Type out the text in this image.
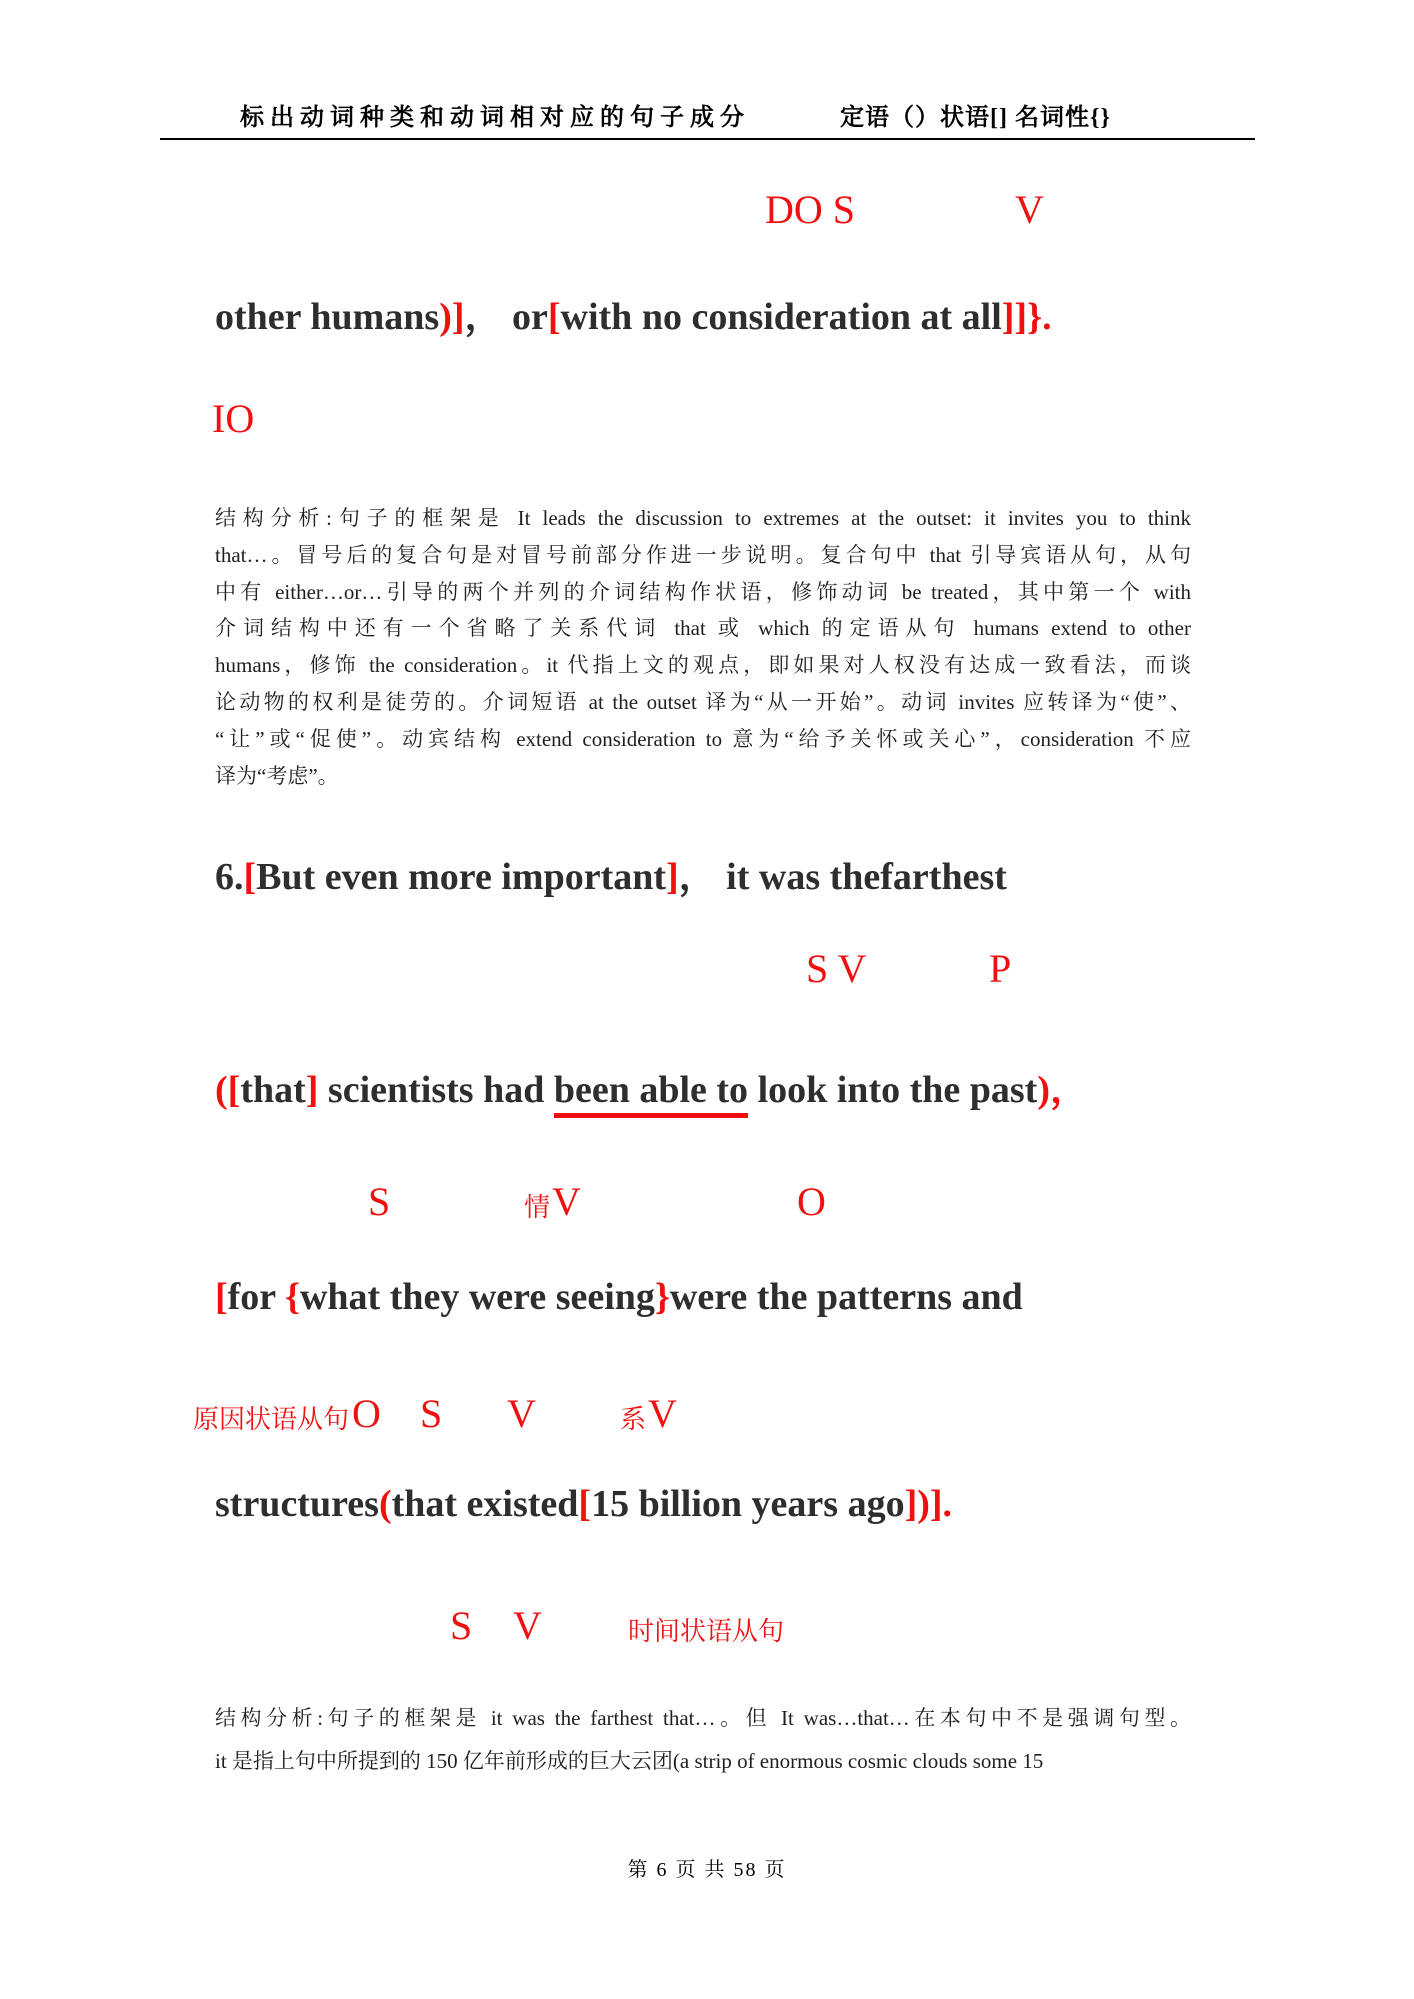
标出动词种类和动词相对应的句子成分	定语（）状语[] 名词性{}
DO S	V
other humans)]， or[with no consideration at all]]}.
IO
结构分析:句子的框架是 It leads the discussion to extremes at the outset: it invites you to think
that…。冒号后的复合句是对冒号前部分作进一步说明。复合句中 that 引导宾语从句，从句
中有 either…or…引导的两个并列的介词结构作状语，修饰动词 be treated，其中第一个 with
介词结构中还有一个省略了关系代词 that 或 which 的定语从句 humans extend to other
humans，修饰 the consideration。it 代指上文的观点，即如果对人权没有达成一致看法，而谈
论动物的权利是徒劳的。介词短语 at the outset 译为“从一开始”。动词 invites 应转译为“使”、
“让”或“促使”。动宾结构 extend consideration to 意为“给予关怀或关心”，consideration 不应
译为“考虑”。
6.[But even more important]， it was thefarthest
S V	P
([that] scientists had been able to look into the past)，
S	情 V	O
[for {what they were seeing}were the patterns and
原因状语从句 O S V	系 V
structures(that existed[15 billion years ago])].
S V	时间状语从句
结构分析:句子的框架是 it was the farthest that…。但 It was…that…在本句中不是强调句型。
it 是指上句中所提到的 150 亿年前形成的巨大云团(a strip of enormous cosmic clouds some 15
第 6 页 共 58 页
